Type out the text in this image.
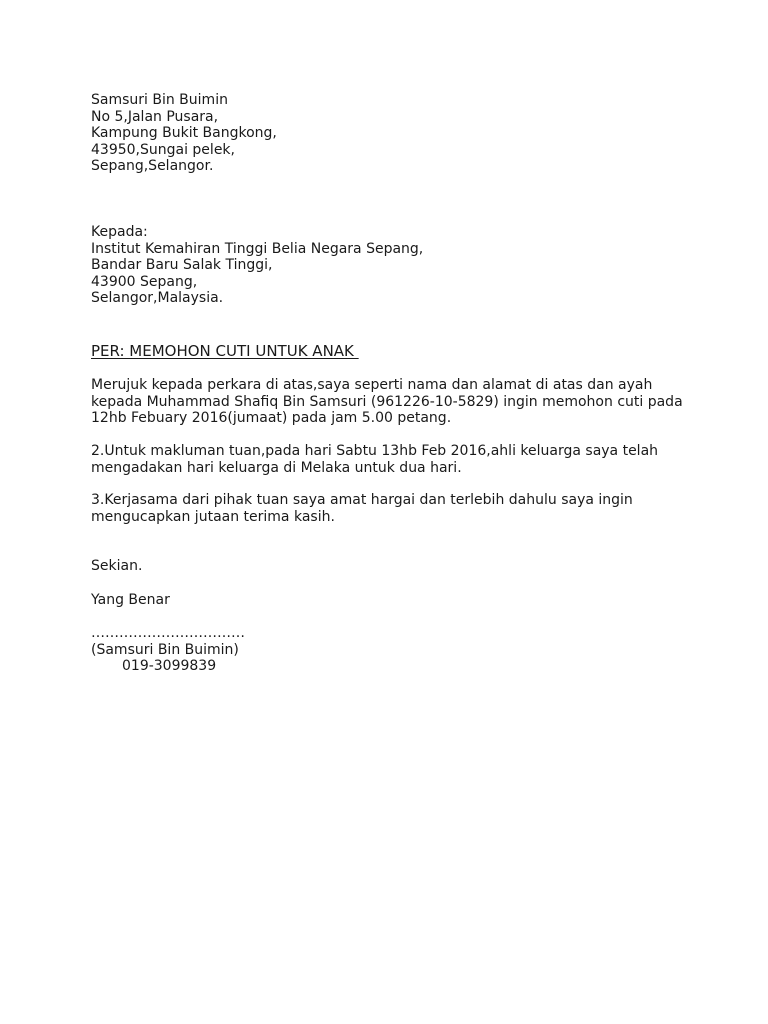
Samsuri Bin Buimin
No 5,Jalan Pusara,
Kampung Bukit Bangkong,
43950,Sungai pelek,
Sepang,Selangor.
Kepada:
Institut Kemahiran Tinggi Belia Negara Sepang,
Bandar Baru Salak Tinggi,
43900 Sepang,
Selangor,Malaysia.
PER: MEMOHON CUTI UNTUK ANAK
Merujuk kepada perkara di atas,saya seperti nama dan alamat di atas dan ayah
kepada Muhammad Shafiq Bin Samsuri (961226-10-5829) ingin memohon cuti pada
12hb Febuary 2016(jumaat) pada jam 5.00 petang.
2.Untuk makluman tuan,pada hari Sabtu 13hb Feb 2016,ahli keluarga saya telah
mengadakan hari keluarga di Melaka untuk dua hari.
3.Kerjasama dari pihak tuan saya amat hargai dan terlebih dahulu saya ingin
mengucapkan jutaan terima kasih.
Sekian.
Yang Benar
……………………………
(Samsuri Bin Buimin)
019-3099839
